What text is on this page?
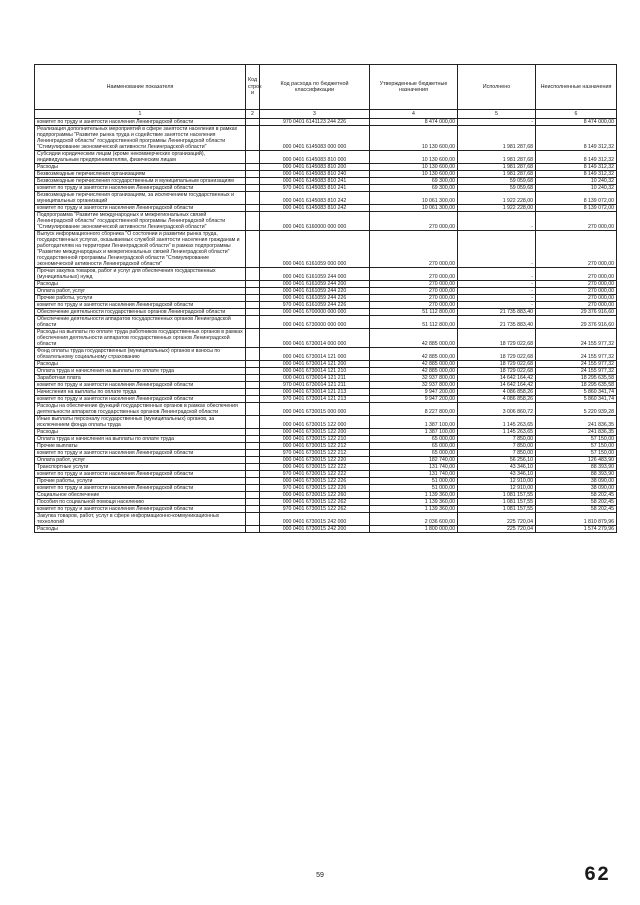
Наименование показателя	Код строк и	Код расхода по бюджетной классификации	Утвержденные бюджетные назначения	Исполнено	Неисполненные назначения
1	2	3	4	5	6
комитет по труду и занятости населения Ленинградской области		970 0401 6141123 244 226	8 474 000,00	-	8 474 000,00
Реализация дополнительных мероприятий в сфере занятости населения в рамках подпрограммы "Развитие рынка труда и содействие занятости населения Ленинградской области" государственной программы Ленинградской области "Стимулирование экономической активности Ленинградской области"		000 0401 6145083 000 000	10 130 600,00	1 981 287,68	8 149 312,32
Субсидии юридическим лицам (кроме некоммерческих организаций), индивидуальным предпринимателям, физическим лицам		000 0401 6145083 810 000	10 130 600,00	1 981 287,68	8 149 312,32
Расходы		000 0401 6145083 810 200	10 130 600,00	1 981 287,68	8 149 312,32
Безвозмездные перечисления организациям		000 0401 6145083 810 240	10 130 600,00	1 981 287,68	8 149 312,32
Безвозмездные перечисления государственным и муниципальным организациям		000 0401 6145083 810 241	69 300,00	59 059,68	10 240,32
комитет по труду и занятости населения Ленинградской области		970 0401 6145083 810 241	69 300,00	59 059,68	10 240,32
Безвозмездные перечисления организациям, за исключением государственных и муниципальных организаций		000 0401 6145083 810 242	10 061 300,00	1 922 228,00	8 139 072,00
комитет по труду и занятости населения Ленинградской области		000 0401 6145083 810 242	10 061 300,00	1 922 228,00	8 139 072,00
Подпрограмма "Развитие международных и межрегиональных связей Ленинградской области" государственной программы Ленинградской области "Стимулирование экономической активности Ленинградской области"		000 0401 6160000 000 000	270 000,00	-	270 000,00
Выпуск информационного сборника "О состоянии и развитии рынка труда, государственных услугах, оказываемых службой занятости населения гражданам и работодателям на территории Ленинградской области" в рамках подпрограммы "Развитие международных и межрегиональных связей Ленинградской области" государственной программы Ленинградской области "Стимулирование экономической активности Ленинградской области"		000 0401 6161059 000 000	270 000,00	-	270 000,00
Прочая закупка товаров, работ и услуг для обеспечения государственных (муниципальных) нужд		000 0401 6161059 244 000	270 000,00	-	270 000,00
Расходы		000 0401 6161059 244 200	270 000,00	-	270 000,00
Оплата работ, услуг		000 0401 6161059 244 220	270 000,00	-	270 000,00
Прочие работы, услуги		000 0401 6161059 244 226	270 000,00	-	270 000,00
комитет по труду и занятости населения Ленинградской области		970 0401 6161059 244 226	270 000,00	-	270 000,00
Обеспечение деятельности государственных органов Ленинградской области		000 0401 6700000 000 000	51 112 800,00	21 735 883,40	29 376 916,60
Обеспечение деятельности аппаратов государственных органов Ленинградской области		000 0401 6730000 000 000	51 112 800,00	21 735 883,40	29 376 916,60
Расходы на выплаты по оплате труда работников государственных органов в рамках обеспечения деятельности аппаратов государственных органов Ленинградской области		000 0401 6730014 000 000	42 885 000,00	18 729 022,68	24 155 977,32
Фонд оплаты труда государственных (муниципальных) органов и взносы по обязательному социальному страхованию		000 0401 6730014 121 000	42 885 000,00	18 729 022,68	24 155 977,32
Расходы		000 0401 6730014 121 200	42 885 000,00	18 729 022,68	24 155 977,32
Оплата труда и начисления на выплаты по оплате труда		000 0401 6730014 121 210	42 885 000,00	18 729 022,68	24 155 977,32
Заработная плата		000 0401 6730014 121 211	32 937 800,00	14 642 164,42	18 295 635,58
комитет по труду и занятости населения Ленинградской области		970 0401 6730014 121 211	32 937 800,00	14 642 164,42	18 295 635,58
Начисления на выплаты по оплате труда		000 0401 6730014 121 213	9 947 200,00	4 086 858,26	5 860 341,74
комитет по труду и занятости населения Ленинградской области		970 0401 6730014 121 213	9 947 200,00	4 086 858,26	5 860 341,74
Расходы на обеспечение функций государственных органов в рамках обеспечения деятельности аппаратов государственных органов Ленинградской области		000 0401 6730015 000 000	8 227 800,00	3 006 860,72	5 220 939,28
Иные выплаты персоналу государственных (муниципальных) органов, за исключением фонда оплаты труда		000 0401 6730015 122 000	1 387 100,00	1 145 263,65	241 836,35
Расходы		000 0401 6730015 122 200	1 387 100,00	1 145 263,65	241 836,35
Оплата труда и начисления на выплаты по оплате труда		000 0401 6730015 122 210	65 000,00	7 850,00	57 150,00
Прочие выплаты		000 0401 6730015 122 212	65 000,00	7 850,00	57 150,00
комитет по труду и занятости населения Ленинградской области		970 0401 6730015 122 212	65 000,00	7 850,00	57 150,00
Оплата работ, услуг		000 0401 6730015 122 220	182 740,00	56 256,10	126 483,90
Транспортные услуги		000 0401 6730015 122 222	131 740,00	43 346,10	88 393,90
комитет по труду и занятости населения Ленинградской области		970 0401 6730015 122 222	131 740,00	43 346,10	88 393,90
Прочие работы, услуги		000 0401 6730015 122 226	51 000,00	12 910,00	38 090,00
комитет по труду и занятости населения Ленинградской области		970 0401 6730015 122 226	51 000,00	12 910,00	38 090,00
Социальное обеспечение		000 0401 6730015 122 260	1 139 360,00	1 081 157,55	58 202,45
Пособия по социальной помощи населению		000 0401 6730015 122 262	1 139 360,00	1 081 157,55	58 202,45
комитет по труду и занятости населения Ленинградской области		970 0401 6730015 122 262	1 139 360,00	1 081 157,55	58 202,45
Закупка товаров, работ, услуг в сфере информационно-коммуникационных технологий		000 0401 6730015 242 000	2 036 600,00	225 720,04	1 810 879,96
Расходы		000 0401 6730015 242 200	1 800 000,00	225 720,04	1 574 279,96
59	62
